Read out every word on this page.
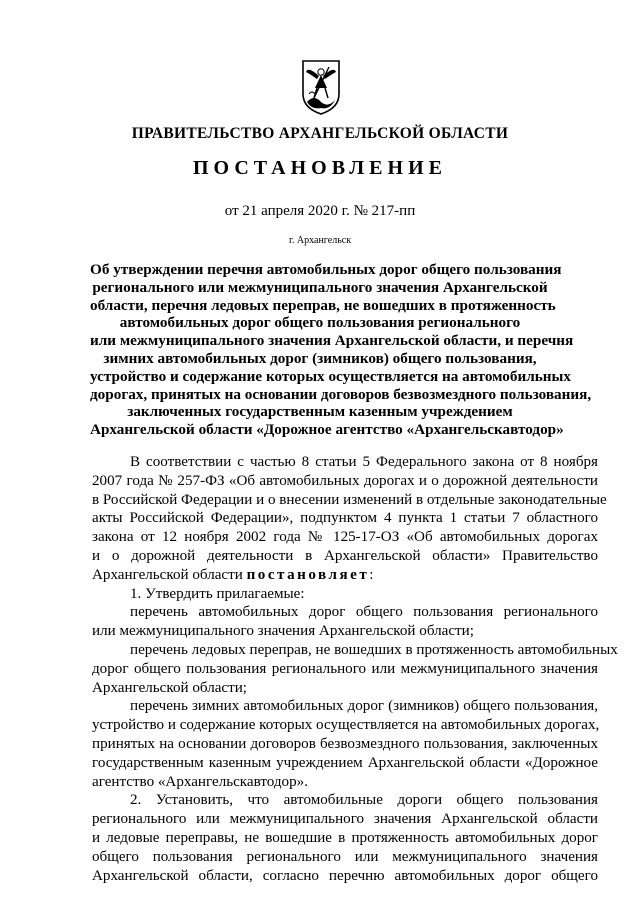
ПРАВИТЕЛЬСТВО АРХАНГЕЛЬСКОЙ ОБЛАСТИ
ПОСТАНОВЛЕНИЕ
от 21 апреля 2020 г. № 217-пп
г. Архангельск
Об утверждении перечня автомобильных дорог общего пользования
регионального или межмуниципального значения Архангельской
области, перечня ледовых переправ, не вошедших в протяженность
автомобильных дорог общего пользования регионального
или межмуниципального значения Архангельской области, и перечня
зимних автомобильных дорог (зимников) общего пользования,
устройство и содержание которых осуществляется на автомобильных
дорогах, принятых на основании договоров безвозмездного пользования,
заключенных государственным казенным учреждением
Архангельской области «Дорожное агентство «Архангельскавтодор»
В соответствии с частью 8 статьи 5 Федерального закона от 8 ноября
2007 года № 257-ФЗ «Об автомобильных дорогах и о дорожной деятельности
в Российской Федерации и о внесении изменений в отдельные законодательные
акты Российской Федерации», подпунктом 4 пункта 1 статьи 7 областного
закона от 12 ноября 2002 года № 125-17-ОЗ «Об автомобильных дорогах
и о дорожной деятельности в Архангельской области» Правительство
Архангельской области постановляет:
1. Утвердить прилагаемые:
перечень автомобильных дорог общего пользования регионального
или межмуниципального значения Архангельской области;
перечень ледовых переправ, не вошедших в протяженность автомобильных
дорог общего пользования регионального или межмуниципального значения
Архангельской области;
перечень зимних автомобильных дорог (зимников) общего пользования,
устройство и содержание которых осуществляется на автомобильных дорогах,
принятых на основании договоров безвозмездного пользования, заключенных
государственным казенным учреждением Архангельской области «Дорожное
агентство «Архангельскавтодор».
2. Установить, что автомобильные дороги общего пользования
регионального или межмуниципального значения Архангельской области
и ледовые переправы, не вошедшие в протяженность автомобильных дорог
общего пользования регионального или межмуниципального значения
Архангельской области, согласно перечню автомобильных дорог общего
